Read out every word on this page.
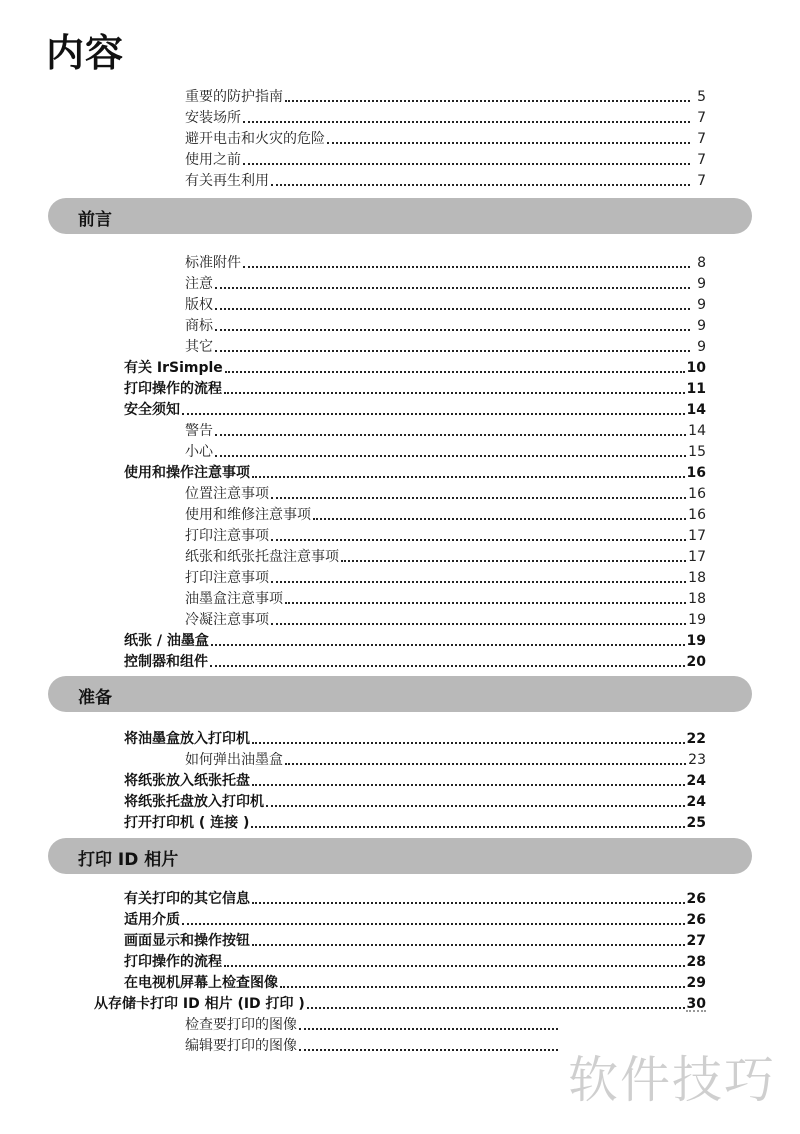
内容
重要的防护指南	5
安装场所	7
避开电击和火灾的危险	7
使用之前	7
有关再生利用	7
前言
标准附件	8
注意	9
版权	9
商标	9
其它	9
有关 IrSimple	10
打印操作的流程	11
安全须知	14
警告	14
小心	15
使用和操作注意事项	16
位置注意事项	16
使用和维修注意事项	16
打印注意事项	17
纸张和纸张托盘注意事项	17
打印注意事项	18
油墨盒注意事项	18
冷凝注意事项	19
纸张 / 油墨盒	19
控制器和组件	20
准备
将油墨盒放入打印机	22
如何弹出油墨盒	23
将纸张放入纸张托盘	24
将纸张托盘放入打印机	24
打开打印机 ( 连接 )	25
打印 ID 相片
有关打印的其它信息	26
适用介质	26
画面显示和操作按钮	27
打印操作的流程	28
在电视机屏幕上检查图像	29
从存储卡打印 ID 相片 (ID 打印 )	30
检查要打印的图像
编辑要打印的图像
软件技巧
